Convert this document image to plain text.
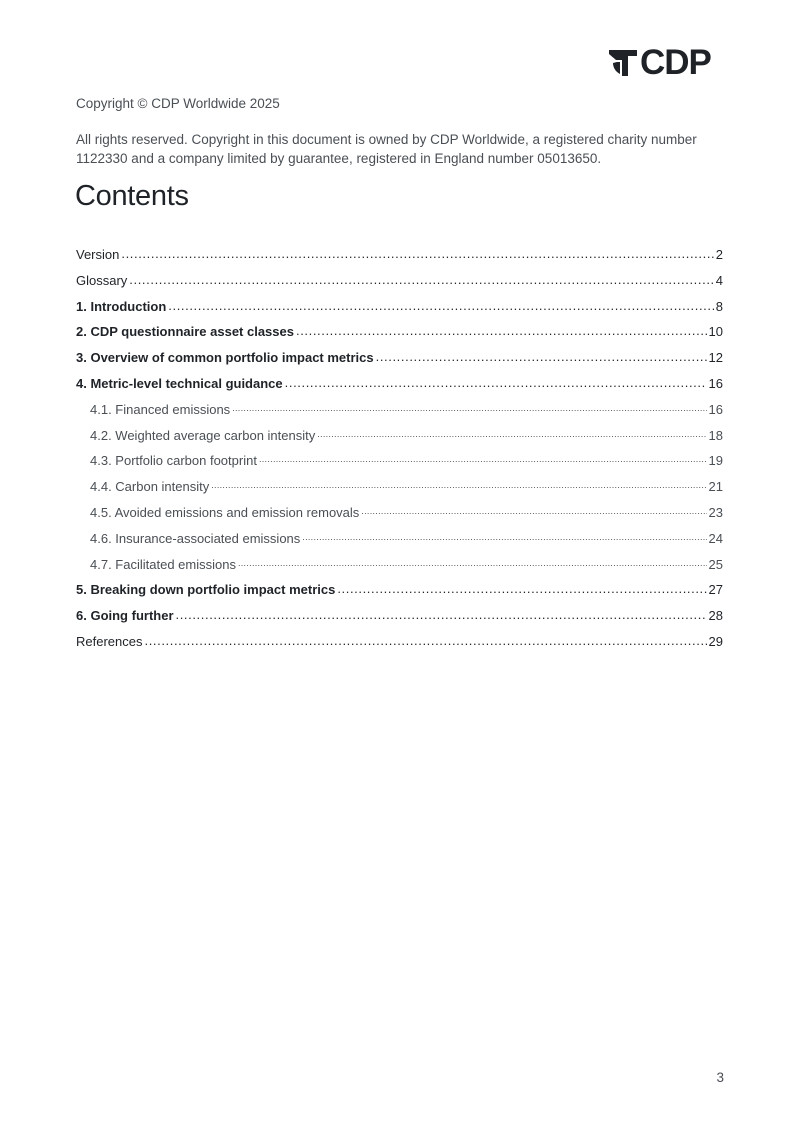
CDP

Copyright © CDP Worldwide 2025

All rights reserved. Copyright in this document is owned by CDP Worldwide, a registered charity number 1122330 and a company limited by guarantee, registered in England number 05013650.

Contents
Version .....	2
Glossary .....	4
1. Introduction .....	8
2. CDP questionnaire asset classes .....	10
3. Overview of common portfolio impact metrics .....	12
4. Metric-level technical guidance .....	16
4.1. Financed emissions .....	16
4.2. Weighted average carbon intensity .....	18
4.3. Portfolio carbon footprint .....	19
4.4. Carbon intensity .....	21
4.5. Avoided emissions and emission removals .....	23
4.6. Insurance-associated emissions .....	24
4.7. Facilitated emissions .....	25
5. Breaking down portfolio impact metrics .....	27
6. Going further .....	28
References .....	29
3
